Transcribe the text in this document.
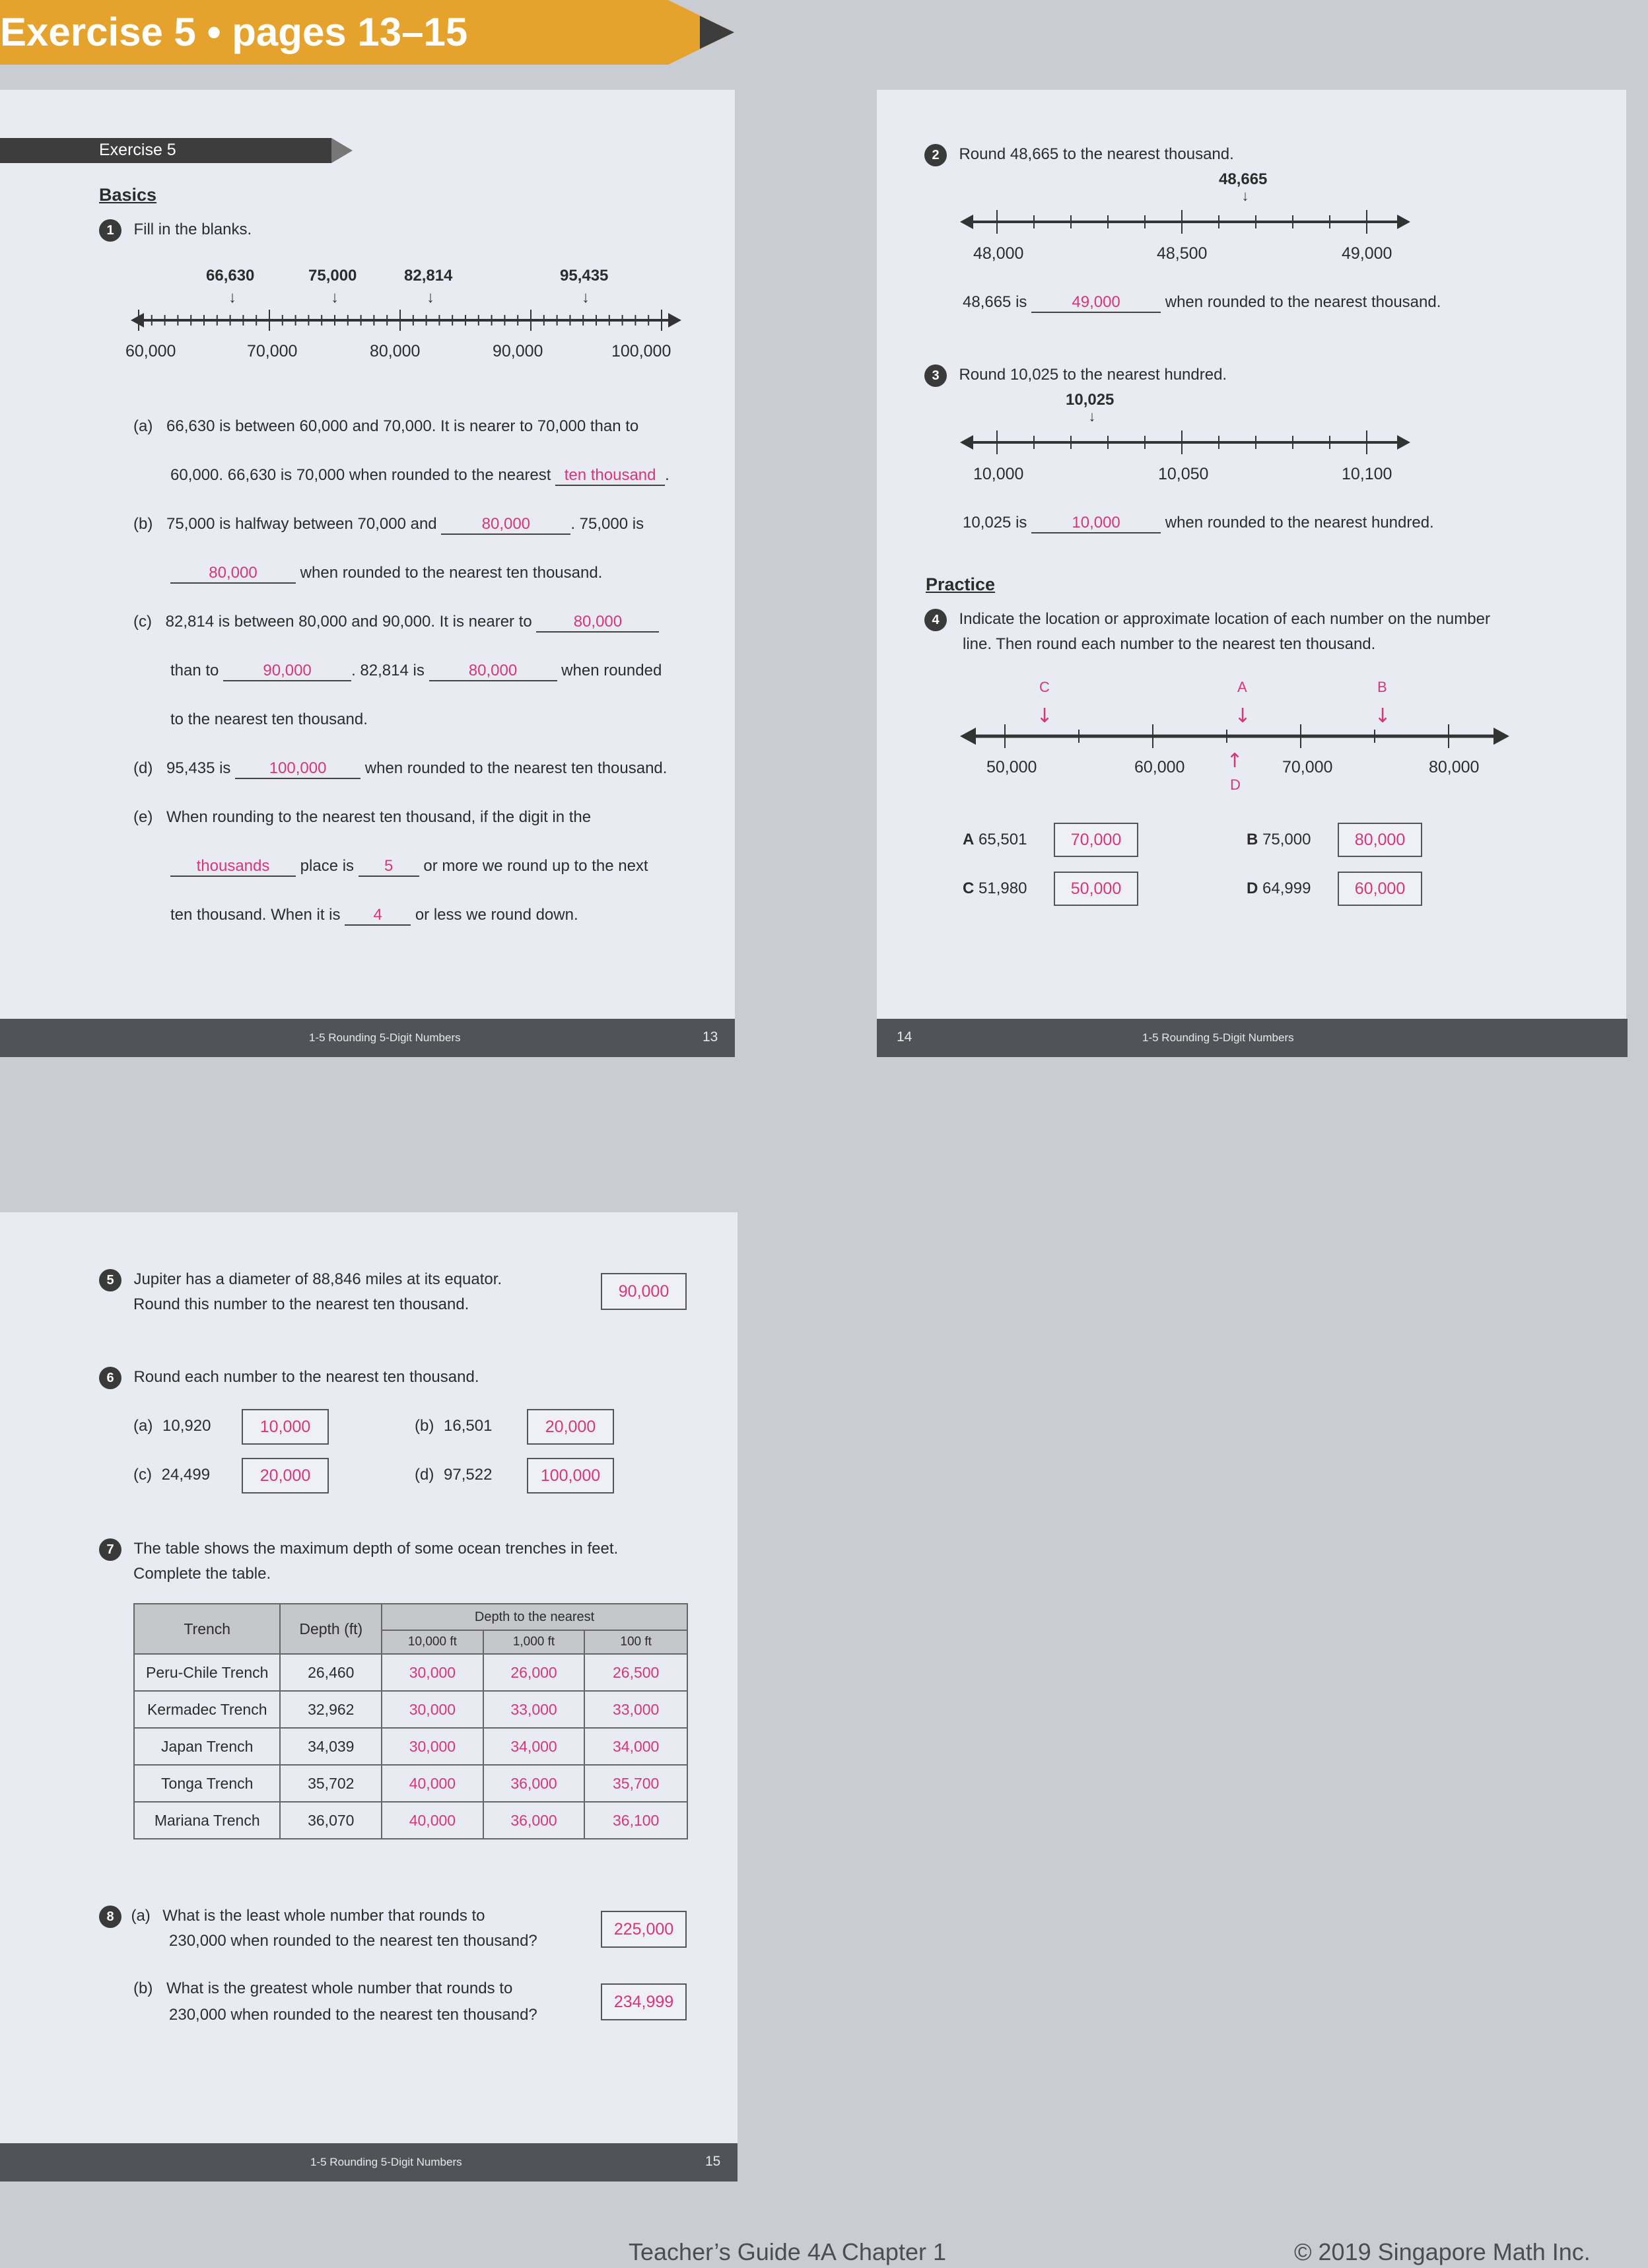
Exercise 5 • pages 13–15
Exercise 5
Basics
1 Fill in the blanks.
↓	↓	↓	↓
60,000	70,000	80,000	90,000	100,000
66,630	75,000	82,814	95,435
(a) 66,630 is between 60,000 and 70,000. It is nearer to 70,000 than to
60,000. 66,630 is 70,000 when rounded to the nearest ten thousand .
(b) 75,000 is halfway between 70,000 and	80,000	. 75,000 is
80,000	when rounded to the nearest ten thousand.
(c) 82,814 is between 80,000 and 90,000. It is nearer to	80,000
than to	90,000	. 82,814 is	80,000	when rounded
to the nearest ten thousand.
(d) 95,435 is 100,000 when rounded to the nearest ten thousand.
(e) When rounding to the nearest ten thousand, if the digit in the
thousands place is 5 or more we round up to the next
ten thousand. When it is 4 or less we round down.
1-5 Rounding 5-Digit Numbers	13
2 Round 48,665 to the nearest thousand.
48,665
↓
48,000	48,500	49,000
48,665 is	49,000	when rounded to the nearest thousand.
3 Round 10,025 to the nearest hundred.
10,025
↓
10,000	10,050	10,100
10,025 is	10,000	when rounded to the nearest hundred.
Practice
4 Indicate the location or approximate location of each number on the number
line. Then round each number to the nearest ten thousand.
↓	↓	↓
↑
C	A	B
D
50,000	60,000	70,000	80,000
A 65,501	70,000	B 75,000	80,000
C 51,980	50,000	D 64,999	60,000
14	1-5 Rounding 5-Digit Numbers
5 Jupiter has a diameter of 88,846 miles at its equator.
Round this number to the nearest ten thousand.
90,000
6 Round each number to the nearest ten thousand.
(a) 10,920	10,000	(b) 16,501	20,000
(c) 24,499	20,000	(d) 97,522	100,000
7 The table shows the maximum depth of some ocean trenches in feet.
Complete the table.
Trench	Depth (ft)	Depth to the nearest		
		10,000 ft	1,000 ft	100 ft
Peru-Chile Trench	26,460	30,000	26,000	26,500
Kermadec Trench	32,962	30,000	33,000	33,000
Japan Trench	34,039	30,000	34,000	34,000
Tonga Trench	35,702	40,000	36,000	35,700
Mariana Trench	36,070	40,000	36,000	36,100
8 (a) What is the least whole number that rounds to
230,000 when rounded to the nearest ten thousand?
225,000
(b) What is the greatest whole number that rounds to
230,000 when rounded to the nearest ten thousand?
234,999
1-5 Rounding 5-Digit Numbers	15
Teacher’s Guide 4A Chapter 1	© 2019 Singapore Math Inc.
